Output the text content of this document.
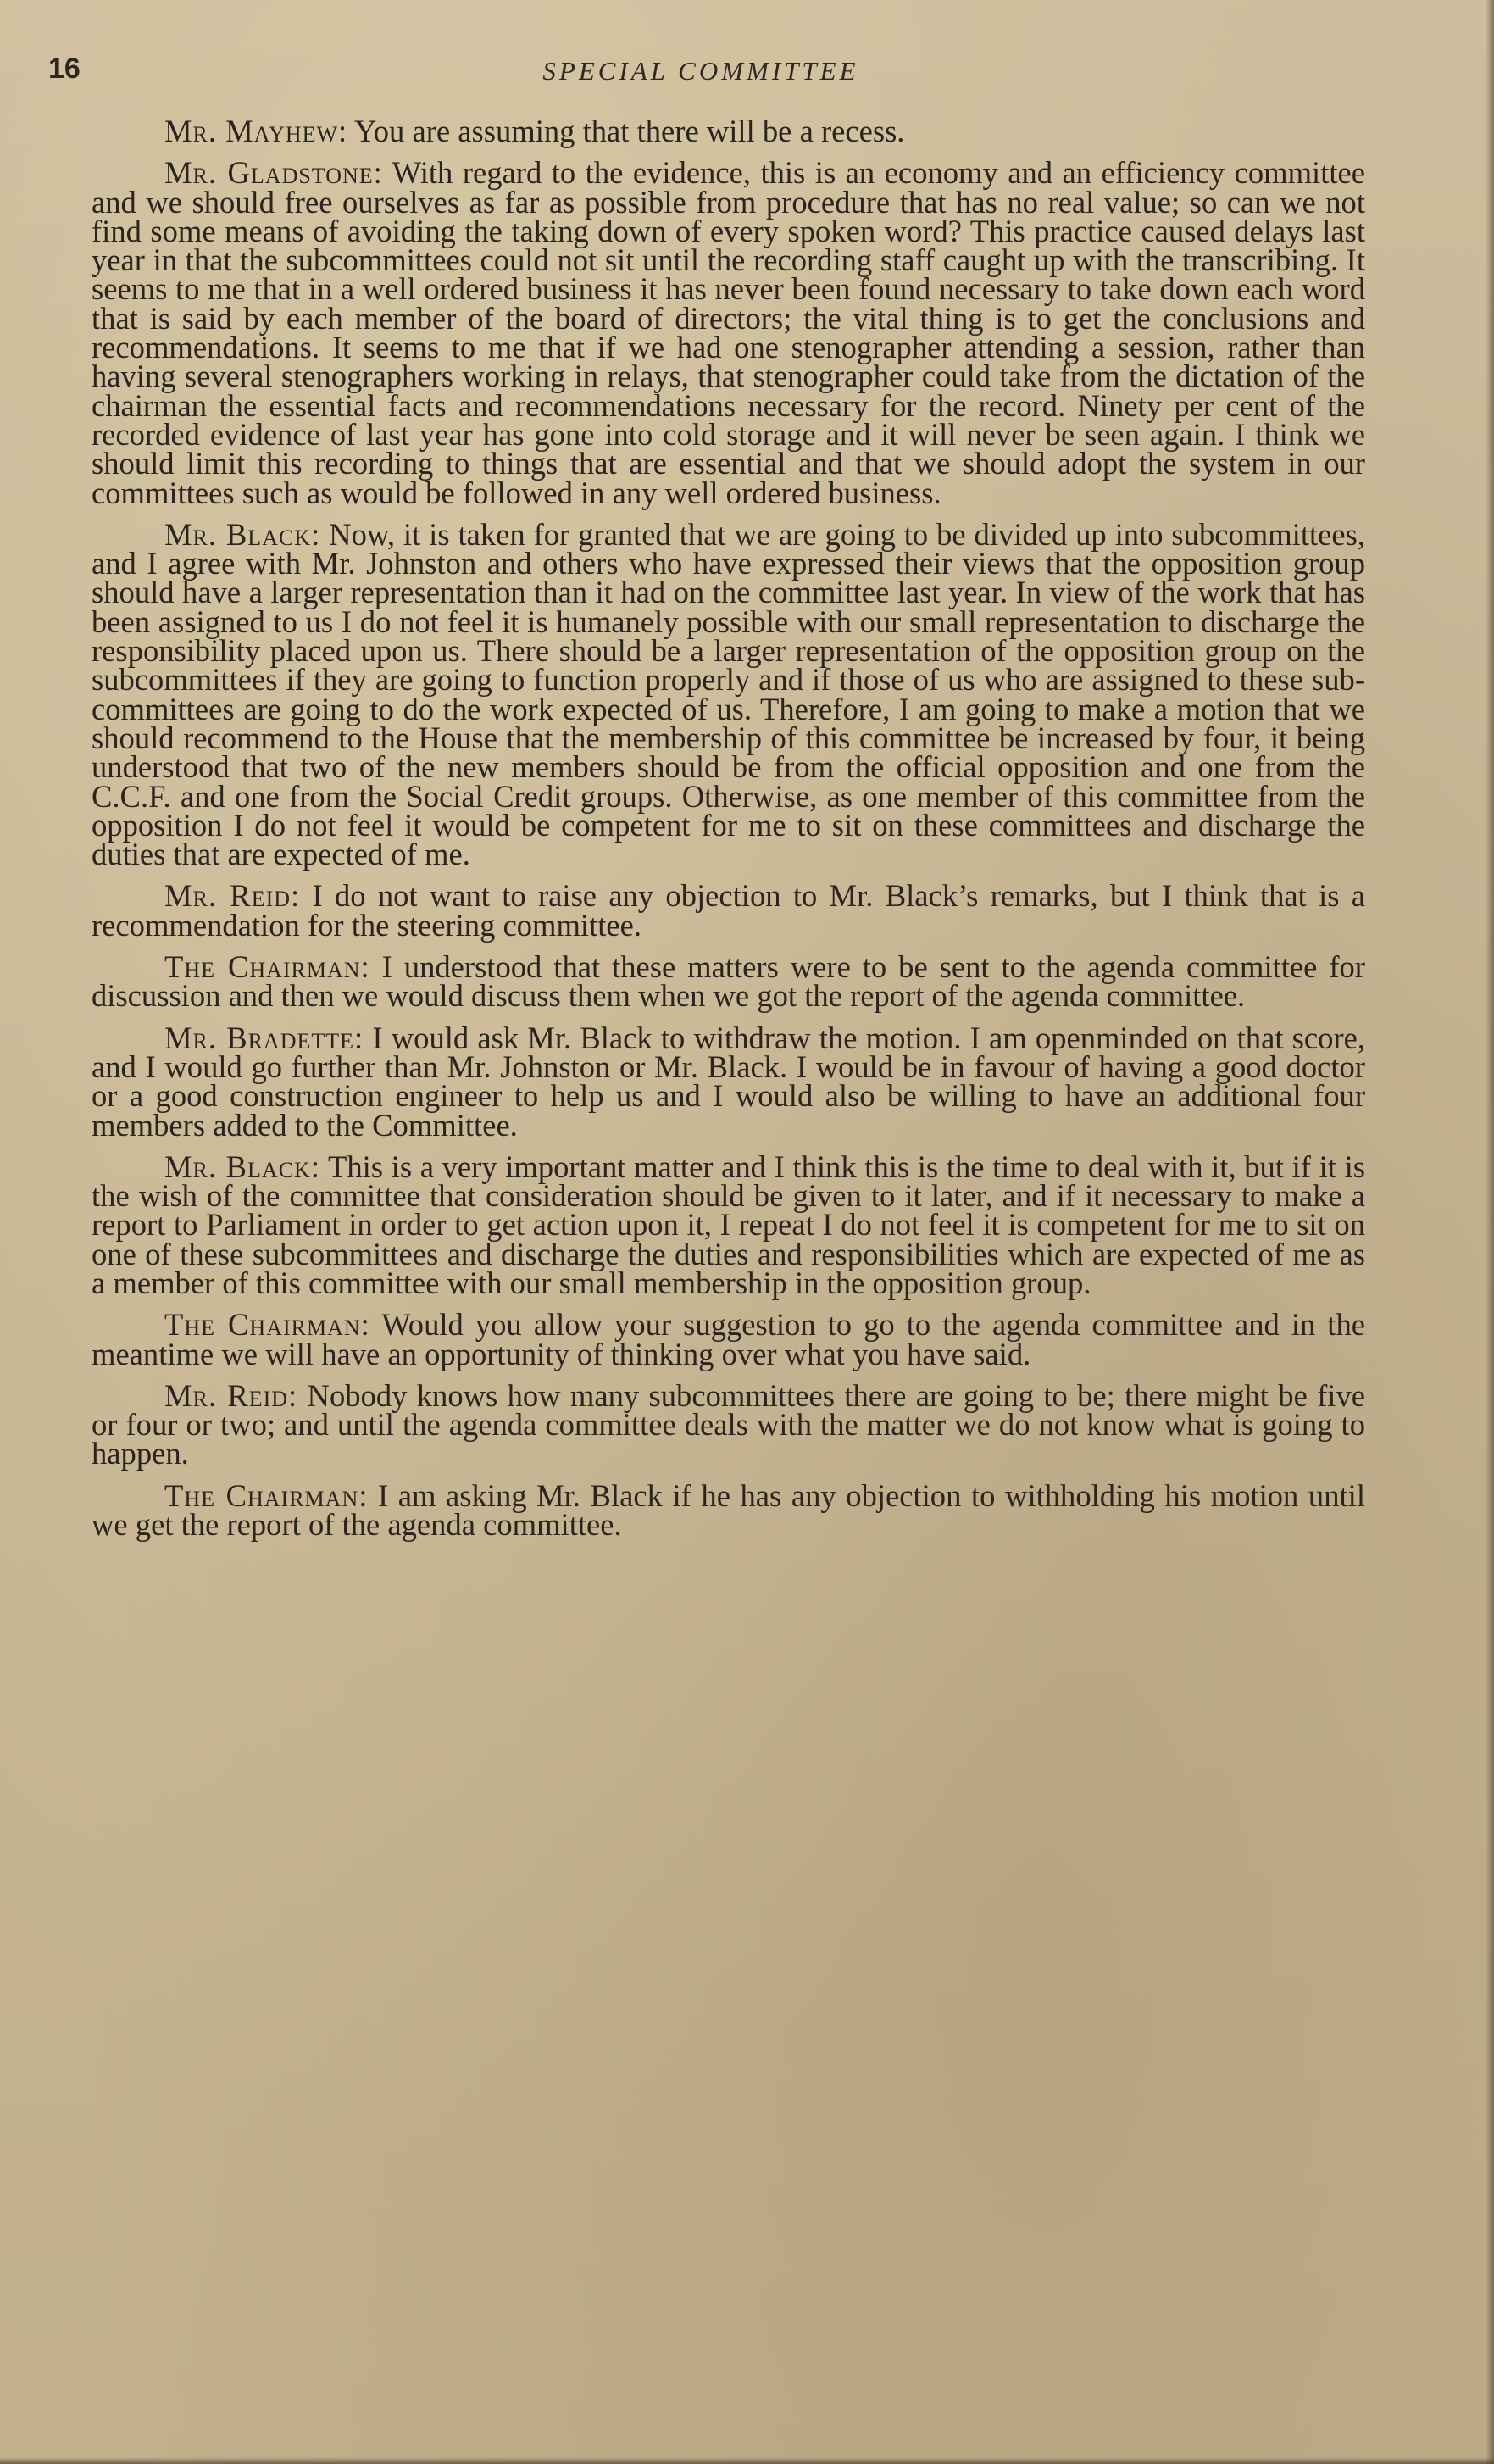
16	SPECIAL COMMITTEE

Mr. Mayhew: You are assuming that there will be a recess.

Mr. Gladstone: With regard to the evidence, this is an economy and an efficiency committee and we should free ourselves as far as possible from procedure that has no real value; so can we not find some means of avoiding the taking down of every spoken word? This practice caused delays last year in that the subcommittees could not sit until the recording staff caught up with the transcribing. It seems to me that in a well ordered business it has never been found necessary to take down each word that is said by each member of the board of directors; the vital thing is to get the conclusions and recommendations. It seems to me that if we had one stenographer attending a session, rather than having several stenographers working in relays, that stenographer could take from the dictation of the chairman the essential facts and recommendations necessary for the record. Ninety per cent of the recorded evidence of last year has gone into cold storage and it will never be seen again. I think we should limit this recording to things that are essential and that we should adopt the system in our committees such as would be followed in any well ordered business.

Mr. Black: Now, it is taken for granted that we are going to be divided up into subcommittees, and I agree with Mr. Johnston and others who have expressed their views that the opposition group should have a larger representation than it had on the committee last year. In view of the work that has been assigned to us I do not feel it is humanely possible with our small representation to discharge the responsibility placed upon us. There should be a larger representation of the opposition group on the subcommittees if they are going to function properly and if those of us who are assigned to these subcommittees are going to do the work expected of us. Therefore, I am going to make a motion that we should recommend to the House that the membership of this committee be increased by four, it being understood that two of the new members should be from the official opposition and one from the C.C.F. and one from the Social Credit groups. Otherwise, as one member of this committee from the opposition I do not feel it would be competent for me to sit on these committees and discharge the duties that are expected of me.

Mr. Reid: I do not want to raise any objection to Mr. Black’s remarks, but I think that is a recommendation for the steering committee.

The Chairman: I understood that these matters were to be sent to the agenda committee for discussion and then we would discuss them when we got the report of the agenda committee.

Mr. Bradette: I would ask Mr. Black to withdraw the motion. I am openminded on that score, and I would go further than Mr. Johnston or Mr. Black. I would be in favour of having a good doctor or a good construction engineer to help us and I would also be willing to have an additional four members added to the Committee.

Mr. Black: This is a very important matter and I think this is the time to deal with it, but if it is the wish of the committee that consideration should be given to it later, and if it necessary to make a report to Parliament in order to get action upon it, I repeat I do not feel it is competent for me to sit on one of these subcommittees and discharge the duties and responsibilities which are expected of me as a member of this committee with our small membership in the opposition group.

The Chairman: Would you allow your suggestion to go to the agenda committee and in the meantime we will have an opportunity of thinking over what you have said.

Mr. Reid: Nobody knows how many subcommittees there are going to be; there might be five or four or two; and until the agenda committee deals with the matter we do not know what is going to happen.

The Chairman: I am asking Mr. Black if he has any objection to withholding his motion until we get the report of the agenda committee.
